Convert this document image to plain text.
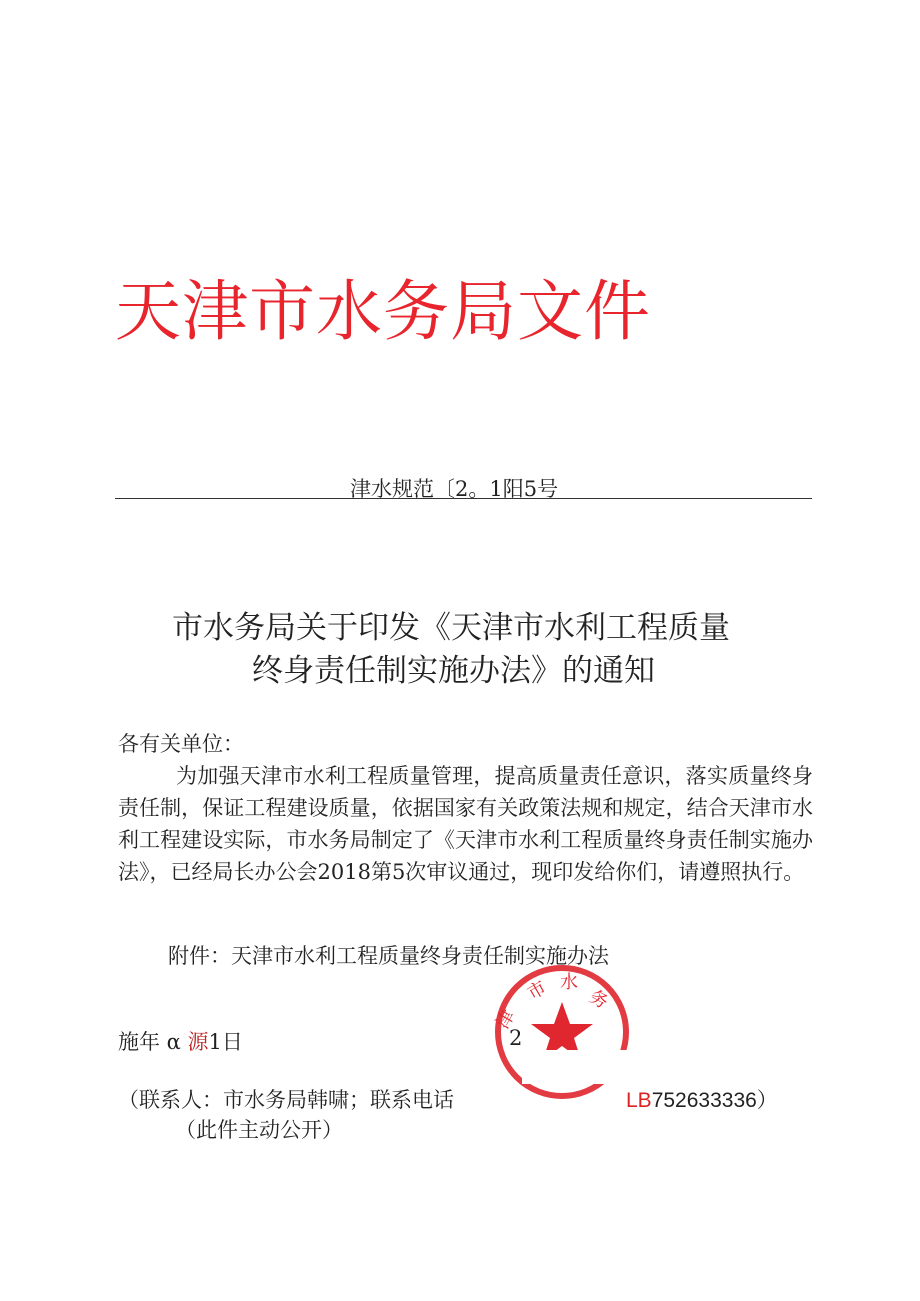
天津市水务局文件
津水规范〔2。1阳5号
市水务局关于印发《天津市水利工程质量
终身责任制实施办法》的通知
各有关单位：
为加强天津市水利工程质量管理，提高质量责任意识，落实质量终身责任制，保证工程建设质量，依据国家有关政策法规和规定，结合天津市水利工程建设实际，市水务局制定了《天津市水利工程质量终身责任制实施办法》，已经局长办公会2018第5次审议通过，现印发给你们，请遵照执行。
附件：天津市水利工程质量终身责任制实施办法
市 水
务
津
施年 α 源1日	2
（联系人：市水务局韩啸；联系电话	LB752633336）
（此件主动公开）
